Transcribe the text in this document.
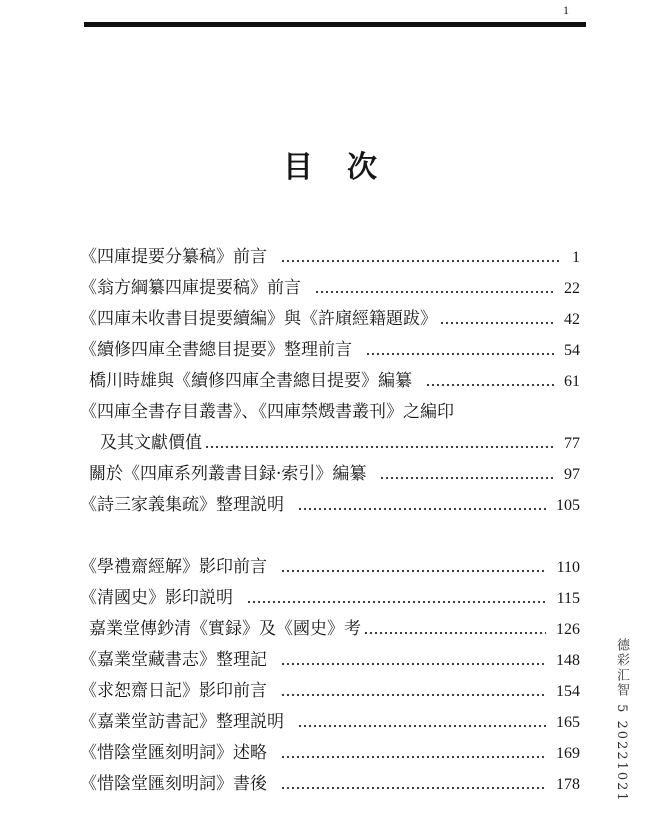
1
目　次
《四庫提要分纂稿》前言	1
《翁方綱纂四庫提要稿》前言	22
《四庫未收書目提要續編》與《許廎經籍題跋》	42
《續修四庫全書總目提要》整理前言	54
橋川時雄與《續修四庫全書總目提要》編纂	61
《四庫全書存目叢書》、《四庫禁燬書叢刊》之編印
及其文獻價值	77
關於《四庫系列叢書目録·索引》編纂	97
《詩三家義集疏》整理説明	105
《學禮齋經解》影印前言	110
《清國史》影印説明	115
嘉業堂傳鈔清《實録》及《國史》考	126
《嘉業堂藏書志》整理記	148
《求恕齋日記》影印前言	154
《嘉業堂訪書記》整理説明	165
《惜陰堂匯刻明詞》述略	169
《惜陰堂匯刻明詞》書後	178	德彩汇智 5 20221021
